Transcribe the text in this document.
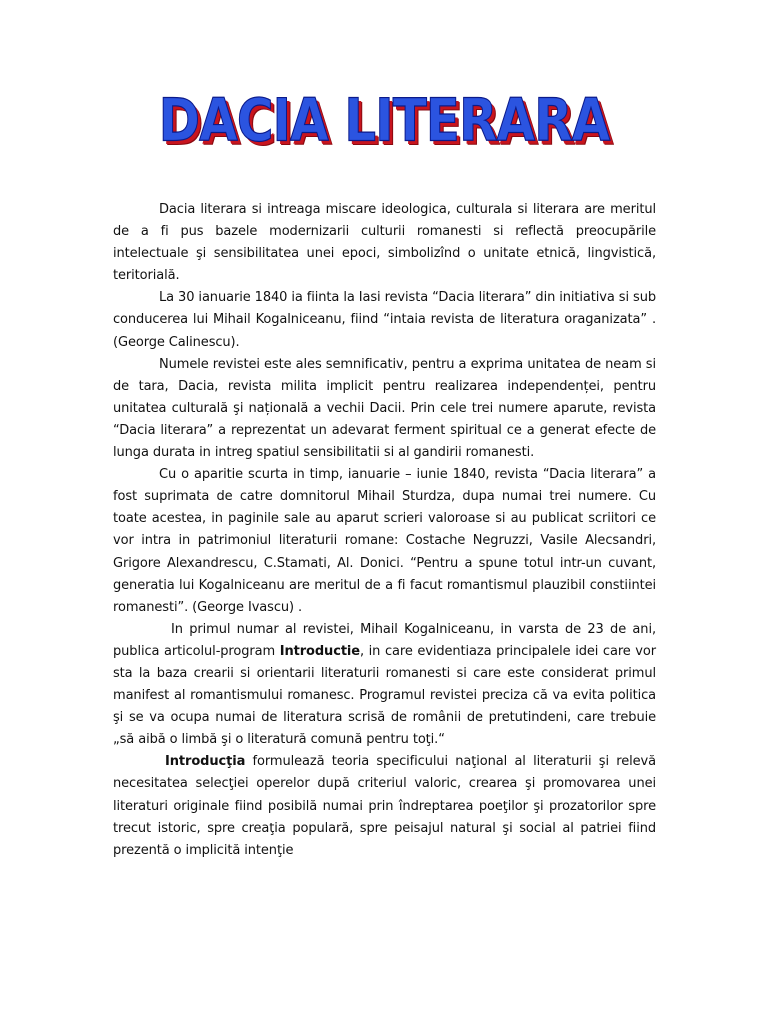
DACIA LITERARA

Dacia literara si intreaga miscare ideologica, culturala si literara are meritul de a fi pus bazele modernizarii culturii romanesti si reflectă preocupările intelectuale şi sensibilitatea unei epoci, simbolizînd o unitate etnică, lingvistică, teritorială.

La 30 ianuarie 1840 ia fiinta la Iasi revista “Dacia literara” din initiativa si sub conducerea lui Mihail Kogalniceanu, fiind “intaia revista de literatura oraganizata” .(George Calinescu).

Numele revistei este ales semnificativ, pentru a exprima unitatea de neam si de tara, Dacia, revista milita implicit pentru realizarea independenței, pentru unitatea culturală şi națională a vechii Dacii. Prin cele trei numere aparute, revista “Dacia literara” a reprezentat un adevarat ferment spiritual ce a generat efecte de lunga durata in intreg spatiul sensibilitatii si al gandirii romanesti.

Cu o aparitie scurta in timp, ianuarie – iunie 1840, revista “Dacia literara” a fost suprimata de catre domnitorul Mihail Sturdza, dupa numai trei numere. Cu toate acestea, in paginile sale au aparut scrieri valoroase si au publicat scriitori ce vor intra in patrimoniul literaturii romane: Costache Negruzzi, Vasile Alecsandri, Grigore Alexandrescu, C.Stamati, Al. Donici. “Pentru a spune totul intr-un cuvant, generatia lui Kogalniceanu are meritul de a fi facut romantismul plauzibil constiintei romanesti”. (George Ivascu) .

In primul numar al revistei, Mihail Kogalniceanu, in varsta de 23 de ani, publica articolul-program Introductie, in care evidentiaza principalele idei care vor sta la baza crearii si orientarii literaturii romanesti si care este considerat primul manifest al romantismului romanesc. Programul revistei preciza că va evita politica şi se va ocupa numai de literatura scrisă de românii de pretutindeni, care trebuie „să aibă o limbă şi o literatură comună pentru toţi.“

Introducţia formulează teoria specificului naţional al literaturii şi relevă necesitatea selecţiei operelor după criteriul valoric, crearea şi promovarea unei literaturi originale fiind posibilă numai prin îndreptarea poeţilor şi prozatorilor spre trecut istoric, spre creaţia populară, spre peisajul natural şi social al patriei fiind prezentă o implicită intenţie
